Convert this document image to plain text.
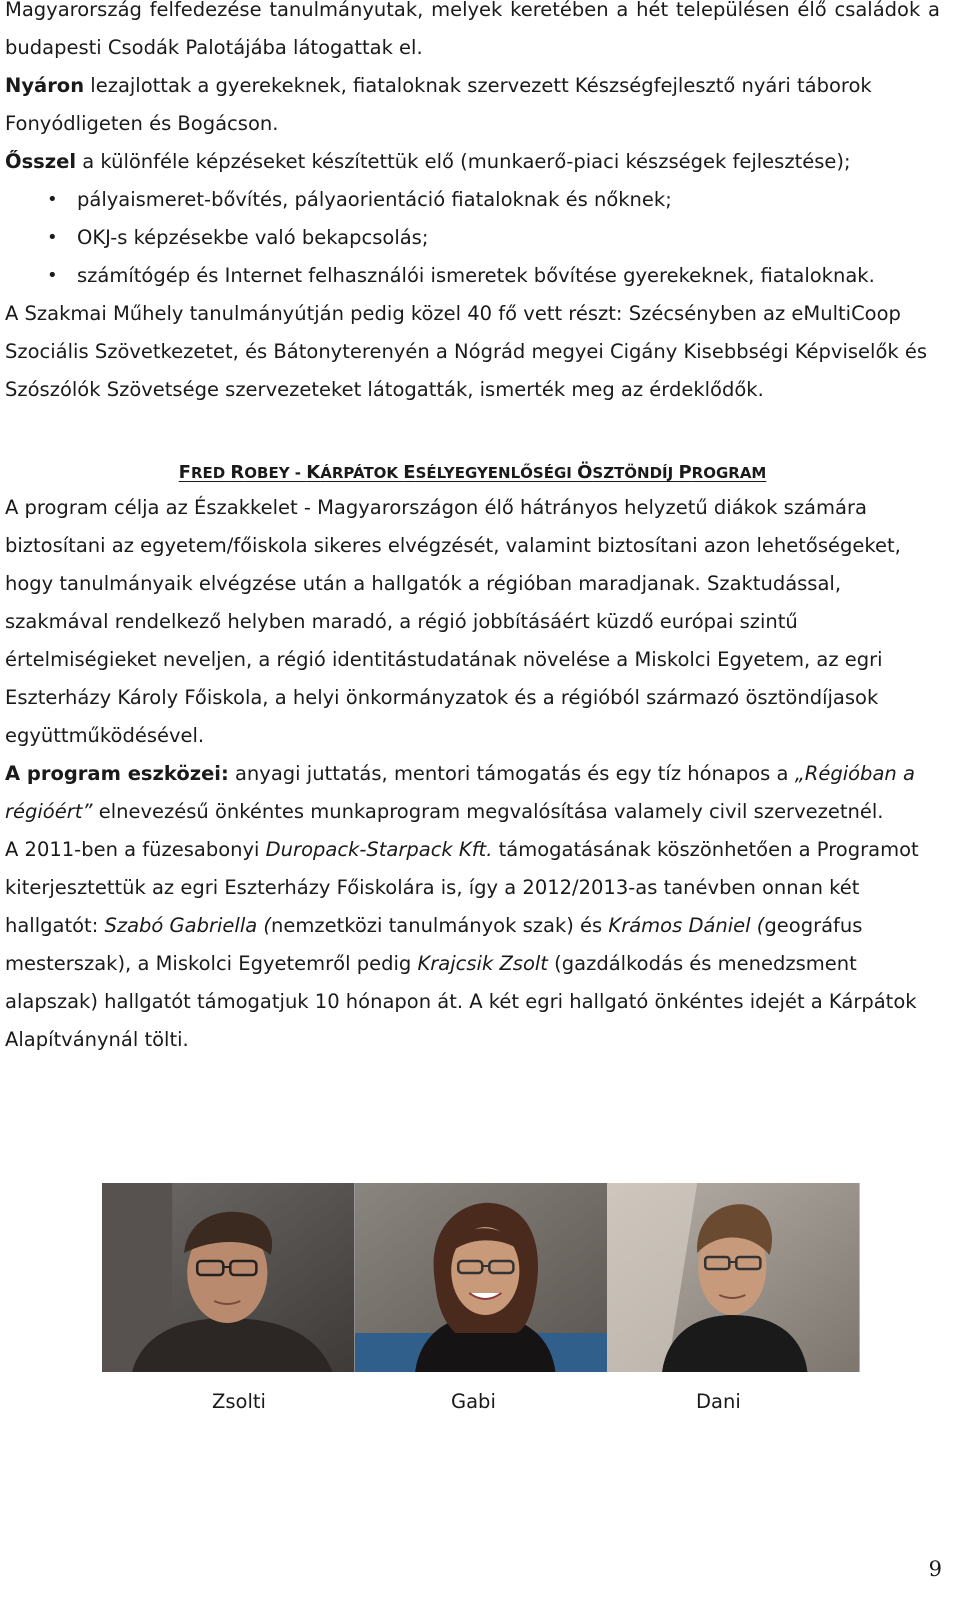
Magyarország felfedezése tanulmányutak, melyek keretében a hét településen élő családok a budapesti Csodák Palotájába látogattak el.

Nyáron lezajlottak a gyerekeknek, fiataloknak szervezett Készségfejlesztő nyári táborok Fonyódligeten és Bogácson.

Ősszel a különféle képzéseket készítettük elő (munkaerő-piaci készségek fejlesztése);

• pályaismeret-bővítés, pályaorientáció fiataloknak és nőknek;
• OKJ-s képzésekbe való bekapcsolás;
• számítógép és Internet felhasználói ismeretek bővítése gyerekeknek, fiataloknak.

A Szakmai Műhely tanulmányútján pedig közel 40 fő vett részt: Szécsényben az eMultiCoop Szociális Szövetkezetet, és Bátonyterenyén a Nógrád megyei Cigány Kisebbségi Képviselők és Szószólók Szövetsége szervezeteket látogatták, ismerték meg az érdeklődők.

FRED ROBEY - KÁRPÁTOK ESÉLYEGYENLŐSÉGI ÖSZTÖNDÍJ PROGRAM

A program célja az Északkelet - Magyarországon élő hátrányos helyzetű diákok számára biztosítani az egyetem/főiskola sikeres elvégzését, valamint biztosítani azon lehetőségeket, hogy tanulmányaik elvégzése után a hallgatók a régióban maradjanak. Szaktudással, szakmával rendelkező helyben maradó, a régió jobbításáért küzdő európai szintű értelmiségieket neveljen, a régió identitástudatának növelése a Miskolci Egyetem, az egri Eszterházy Károly Főiskola, a helyi önkormányzatok és a régióból származó ösztöndíjasok együttműködésével.

A program eszközei: anyagi juttatás, mentori támogatás és egy tíz hónapos a „Régióban a régióért” elnevezésű önkéntes munkaprogram megvalósítása valamely civil szervezetnél.

A 2011-ben a füzesabonyi Duropack-Starpack Kft. támogatásának köszönhetően a Programot kiterjesztettük az egri Eszterházy Főiskolára is, így a 2012/2013-as tanévben onnan két hallgatót: Szabó Gabriella (nemzetközi tanulmányok szak) és Krámos Dániel (geográfus mesterszak), a Miskolci Egyetemről pedig Krajcsik Zsolt (gazdálkodás és menedzsment alapszak) hallgatót támogatjuk 10 hónapon át. A két egri hallgató önkéntes idejét a Kárpátok Alapítványnál tölti.

Zsolti	Gabi	Dani
9
